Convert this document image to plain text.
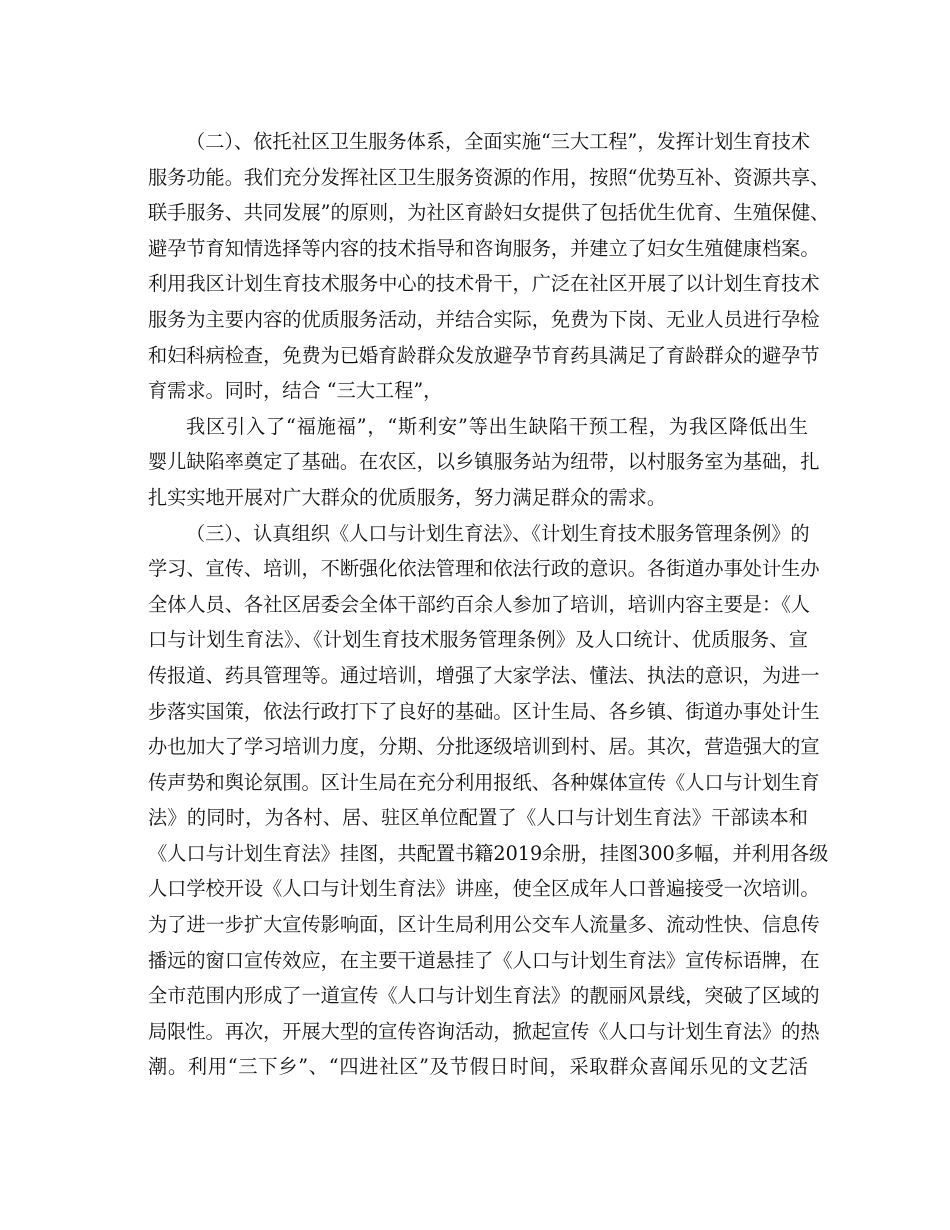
（二）、依托社区卫生服务体系，全面实施“三大工程”，发挥计划生育技术
服务功能。我们充分发挥社区卫生服务资源的作用，按照“优势互补、资源共享、
联手服务、共同发展”的原则，为社区育龄妇女提供了包括优生优育、生殖保健、
避孕节育知情选择等内容的技术指导和咨询服务，并建立了妇女生殖健康档案。
利用我区计划生育技术服务中心的技术骨干，广泛在社区开展了以计划生育技术
服务为主要内容的优质服务活动，并结合实际，免费为下岗、无业人员进行孕检
和妇科病检查，免费为已婚育龄群众发放避孕节育药具满足了育龄群众的避孕节
育需求。同时，结合 “三大工程”，
我区引入了“福施福”，“斯利安”等出生缺陷干预工程，为我区降低出生
婴儿缺陷率奠定了基础。在农区，以乡镇服务站为纽带，以村服务室为基础，扎
扎实实地开展对广大群众的优质服务，努力满足群众的需求。
（三）、认真组织《人口与计划生育法》、《计划生育技术服务管理条例》的
学习、宣传、培训，不断强化依法管理和依法行政的意识。各街道办事处计生办
全体人员、各社区居委会全体干部约百余人参加了培训，培训内容主要是：《人
口与计划生育法》、《计划生育技术服务管理条例》及人口统计、优质服务、宣
传报道、药具管理等。通过培训，增强了大家学法、懂法、执法的意识，为进一
步落实国策，依法行政打下了良好的基础。区计生局、各乡镇、街道办事处计生
办也加大了学习培训力度，分期、分批逐级培训到村、居。其次，营造强大的宣
传声势和舆论氛围。区计生局在充分利用报纸、各种媒体宣传《人口与计划生育
法》的同时，为各村、居、驻区单位配置了《人口与计划生育法》干部读本和
《人口与计划生育法》挂图，共配置书籍2019余册，挂图300多幅，并利用各级
人口学校开设《人口与计划生育法》讲座，使全区成年人口普遍接受一次培训。
为了进一步扩大宣传影响面，区计生局利用公交车人流量多、流动性快、信息传
播远的窗口宣传效应，在主要干道悬挂了《人口与计划生育法》宣传标语牌，在
全市范围内形成了一道宣传《人口与计划生育法》的靓丽风景线，突破了区域的
局限性。再次，开展大型的宣传咨询活动，掀起宣传《人口与计划生育法》的热
潮。利用“三下乡”、“四进社区”及节假日时间，采取群众喜闻乐见的文艺活
